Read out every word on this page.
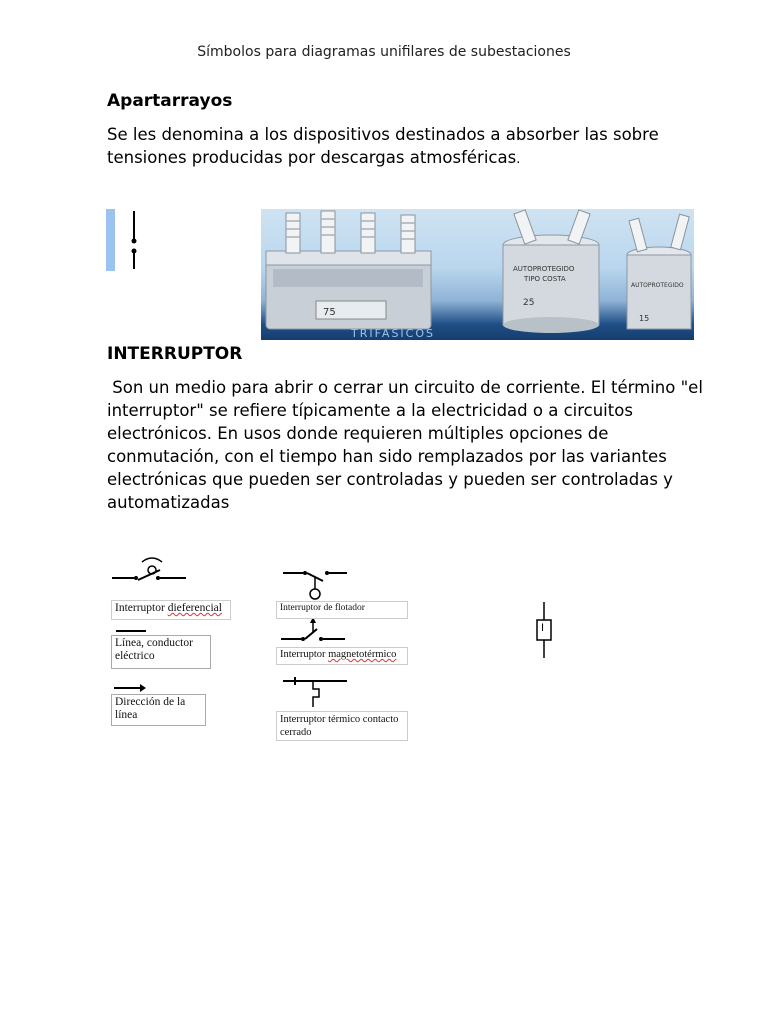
Símbolos para diagramas unifilares de subestaciones
Apartarrayos
Se les denomina a los dispositivos destinados a absorber las sobre tensiones producidas por descargas atmosféricas.
75
AUTOPROTEGIDO
TIPO COSTA
25
AUTOPROTEGIDO
15
TRIFASICOS
INTERRUPTOR
Son un medio para abrir o cerrar un circuito de corriente. El término "el interruptor" se refiere típicamente a la electricidad o a circuitos electrónicos. En usos donde requieren múltiples opciones de conmutación, con el tiempo han sido remplazados por las variantes electrónicas que pueden ser controladas y pueden ser controladas y automatizadas
Interruptor dieferencial
Línea, conductor eléctrico
Dirección de la línea
Interruptor de flotador
Interruptor magnetotérmico
Interruptor térmico contacto cerrado
I
